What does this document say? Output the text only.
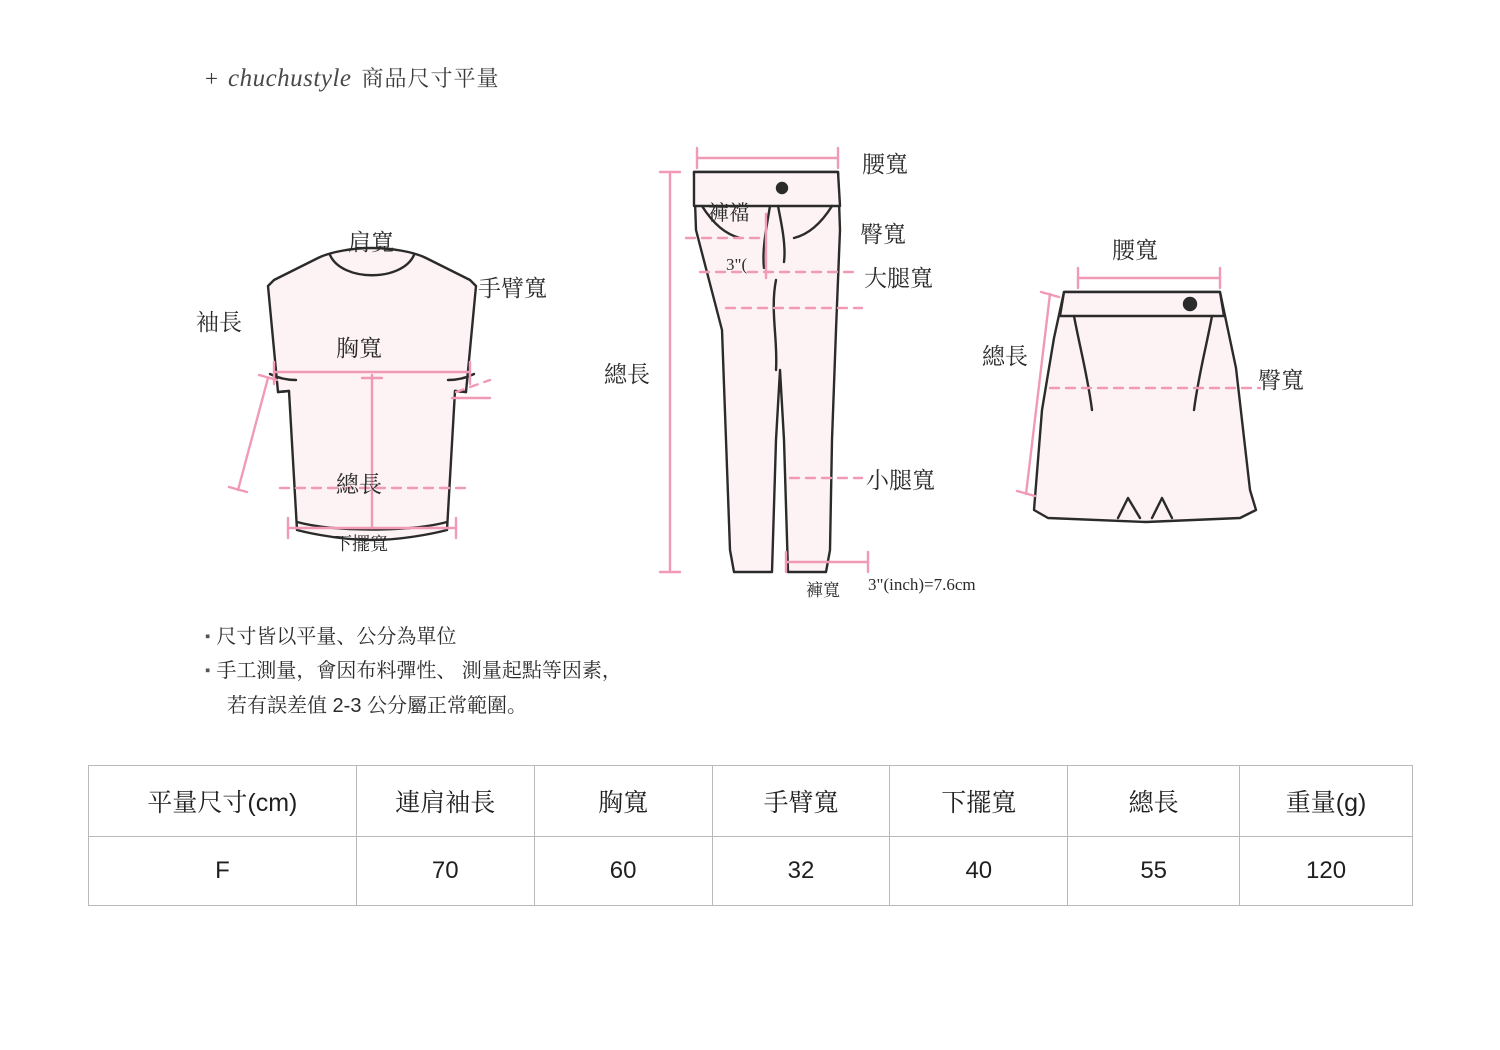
+ chuchustyle 商品尺寸平量
肩寬
袖長
手臂寬
胸寬
總長
下擺寬
腰寬
褲襠
臀寬
大腿寬
總長
小腿寬
褲寬
3"(
3"(inch)=7.6cm
腰寬
總長
臀寬
▪ 尺寸皆以平量、公分為單位
▪ 手工測量，會因布料彈性、 測量起點等因素，
若有誤差值 2-3 公分屬正常範圍。
平量尺寸(cm)	連肩袖長	胸寬	手臂寬	下擺寬	總長	重量(g)
F	70	60	32	40	55	120
